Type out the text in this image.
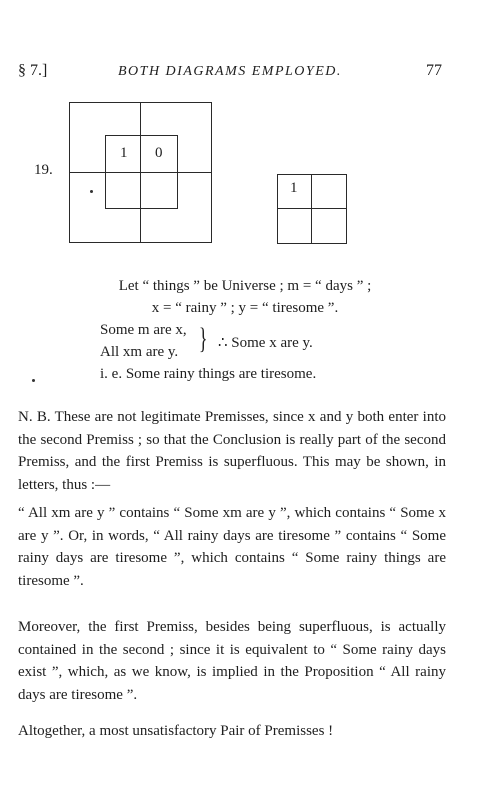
§ 7.]	BOTH DIAGRAMS EMPLOYED.	77
19.
1 0
1
Let “ things ” be Universe ; m = “ days ” ;
x = “ rainy ” ; y = “ tiresome ”.
Some m are x,
All xm are y. } ∴ Some x are y.
i. e. Some rainy things are tiresome.

N. B. These are not legitimate Premisses, since x and y both enter into the second Premiss ; so that the Conclusion is really part of the second Premiss, and the first Premiss is superfluous. This may be shown, in letters, thus :—

“ All xm are y ” contains “ Some xm are y ”, which contains “ Some x are y ”. Or, in words, “ All rainy days are tiresome ” contains “ Some rainy days are tiresome ”, which contains “ Some rainy things are tiresome ”.

Moreover, the first Premiss, besides being superfluous, is actually contained in the second ; since it is equivalent to “ Some rainy days exist ”, which, as we know, is implied in the Proposition “ All rainy days are tiresome ”.

Altogether, a most unsatisfactory Pair of Premisses !
